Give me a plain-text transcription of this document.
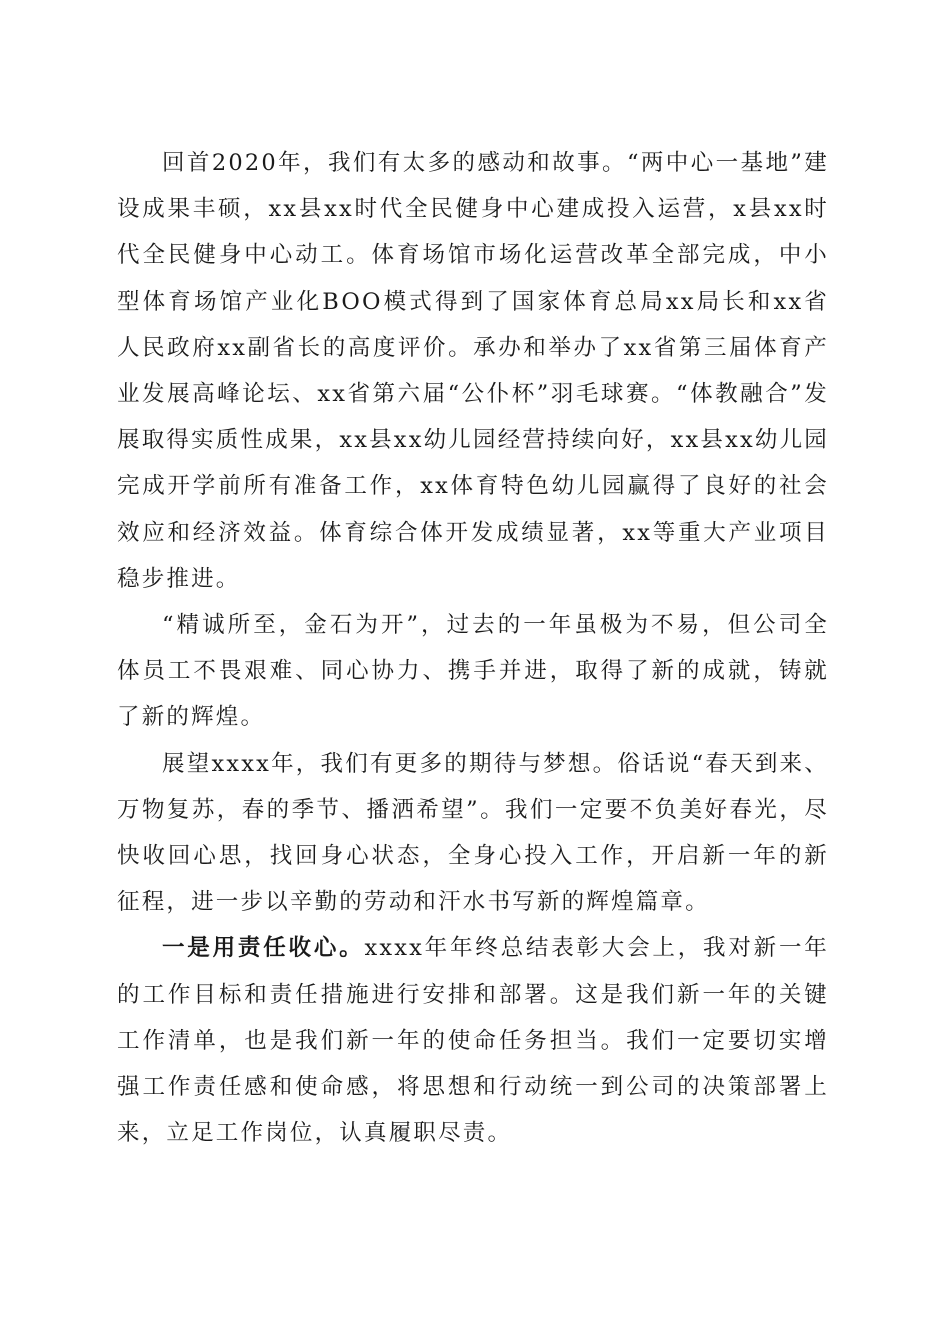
回首2020年，我们有太多的感动和故事。“两中心一基地”建设成果丰硕，xx县xx时代全民健身中心建成投入运营，x县xx时代全民健身中心动工。体育场馆市场化运营改革全部完成，中小型体育场馆产业化BOO模式得到了国家体育总局xx局长和xx省人民政府xx副省长的高度评价。承办和举办了xx省第三届体育产业发展高峰论坛、xx省第六届“公仆杯”羽毛球赛。“体教融合”发展取得实质性成果，xx县xx幼儿园经营持续向好，xx县xx幼儿园完成开学前所有准备工作，xx体育特色幼儿园赢得了良好的社会效应和经济效益。体育综合体开发成绩显著，xx等重大产业项目稳步推进。

“精诚所至，金石为开”，过去的一年虽极为不易，但公司全体员工不畏艰难、同心协力、携手并进，取得了新的成就，铸就了新的辉煌。

展望xxxx年，我们有更多的期待与梦想。俗话说“春天到来、万物复苏，春的季节、播洒希望”。我们一定要不负美好春光，尽快收回心思，找回身心状态，全身心投入工作，开启新一年的新征程，进一步以辛勤的劳动和汗水书写新的辉煌篇章。

一是用责任收心。xxxx年年终总结表彰大会上，我对新一年的工作目标和责任措施进行安排和部署。这是我们新一年的关键工作清单，也是我们新一年的使命任务担当。我们一定要切实增强工作责任感和使命感，将思想和行动统一到公司的决策部署上来，立足工作岗位，认真履职尽责。
